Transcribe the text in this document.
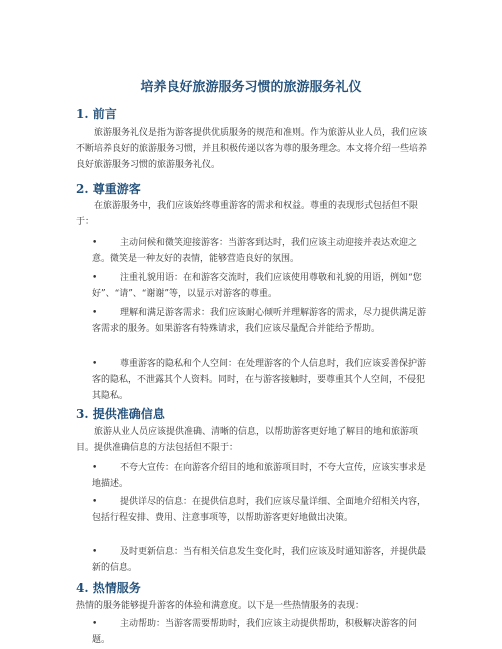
培养良好旅游服务习惯的旅游服务礼仪
1. 前言

旅游服务礼仪是指为游客提供优质服务的规范和准则。作为旅游从业人员，我们应该不断培养良好的旅游服务习惯，并且积极传递以客为尊的服务理念。本文将介绍一些培养良好旅游服务习惯的旅游服务礼仪。

2. 尊重游客

在旅游服务中，我们应该始终尊重游客的需求和权益。尊重的表现形式包括但不限于：

•	主动问候和微笑迎接游客：当游客到达时，我们应该主动迎接并表达欢迎之意。微笑是一种友好的表情，能够营造良好的氛围。
•	注重礼貌用语：在和游客交流时，我们应该使用尊敬和礼貌的用语，例如“您好”、“请”、“谢谢”等，以显示对游客的尊重。
•	理解和满足游客需求：我们应该耐心倾听并理解游客的需求，尽力提供满足游客需求的服务。如果游客有特殊请求，我们应该尽量配合并能给予帮助。
•	尊重游客的隐私和个人空间：在处理游客的个人信息时，我们应该妥善保护游客的隐私，不泄露其个人资料。同时，在与游客接触时，要尊重其个人空间，不侵犯其隐私。
3. 提供准确信息

旅游从业人员应该提供准确、清晰的信息，以帮助游客更好地了解目的地和旅游项目。提供准确信息的方法包括但不限于：

•	不夸大宣传：在向游客介绍目的地和旅游项目时，不夸大宣传，应该实事求是地描述。
•	提供详尽的信息：在提供信息时，我们应该尽量详细、全面地介绍相关内容，包括行程安排、费用、注意事项等，以帮助游客更好地做出决策。
•	及时更新信息：当有相关信息发生变化时，我们应该及时通知游客，并提供最新的信息。
4. 热情服务

热情的服务能够提升游客的体验和满意度。以下是一些热情服务的表现：

•	主动帮助：当游客需要帮助时，我们应该主动提供帮助，积极解决游客的问题。
